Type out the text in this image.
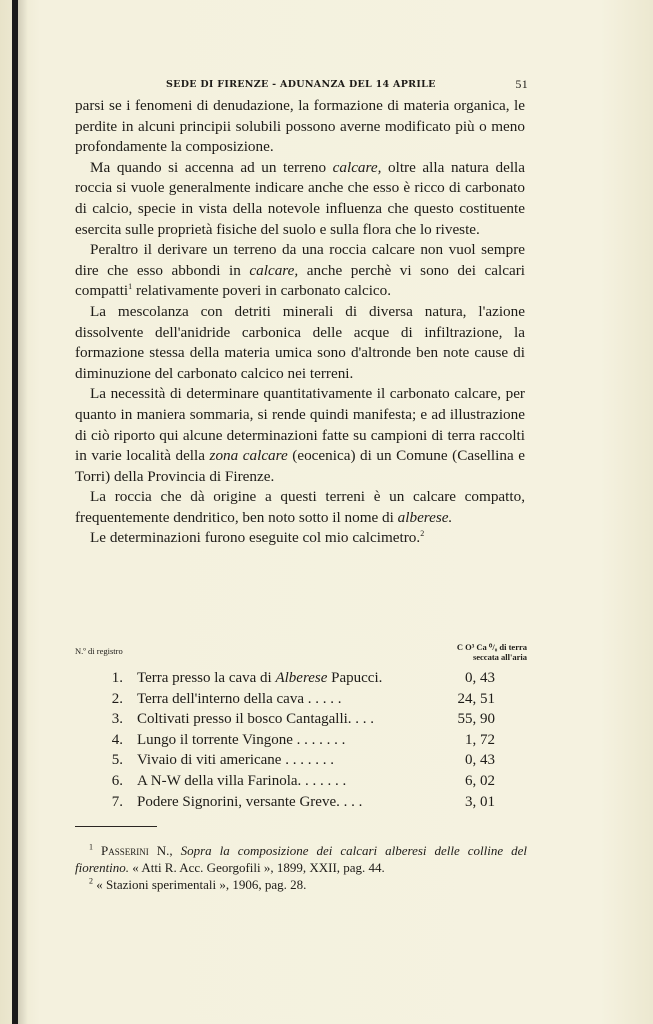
SEDE DI FIRENZE - ADUNANZA DEL 14 APRILE	51

parsi se i fenomeni di denudazione, la formazione di materia organica, le perdite in alcuni principii solubili possono averne modificato più o meno profondamente la composizione.

Ma quando si accenna ad un terreno calcare, oltre alla natura della roccia si vuole generalmente indicare anche che esso è ricco di carbonato di calcio, specie in vista della notevole influenza che questo costituente esercita sulle proprietà fisiche del suolo e sulla flora che lo riveste.

Peraltro il derivare un terreno da una roccia calcare non vuol sempre dire che esso abbondi in calcare, anche perchè vi sono dei calcari compatti$^1$ relativamente poveri in carbonato calcico.

La mescolanza con detriti minerali di diversa natura, l'azione dissolvente dell'anidride carbonica delle acque di infiltrazione, la formazione stessa della materia umica sono d'altronde ben note cause di diminuzione del carbonato calcico nei terreni.

La necessità di determinare quantitativamente il carbonato calcare, per quanto in maniera sommaria, si rende quindi manifesta; e ad illustrazione di ciò riporto qui alcune determinazioni fatte su campioni di terra raccolti in varie località della zona calcare (eocenica) di un Comune (Casellina e Torri) della Provincia di Firenze.

La roccia che dà origine a questi terreni è un calcare compatto, frequentemente dendritico, ben noto sotto il nome di alberese.

Le determinazioni furono eseguite col mio calcimetro.$^2$

N.º di registro	C O³ Ca ⁰/₀ di terra
seccata all'aria
1. Terra presso la cava di Alberese Papucci.	0, 43
2. Terra dell'interno della cava . . . . .	24, 51
3. Coltivati presso il bosco Cantagalli. . . .	55, 90
4. Lungo il torrente Vingone . . . . . . .	1, 72
5. Vivaio di viti americane . . . . . . .	0, 43
6. A N-W della villa Farinola. . . . . . .	6, 02
7. Podere Signorini, versante Greve. . . .	3, 01

$^1$ Passerini N., Sopra la composizione dei calcari alberesi delle colline del fiorentino. « Atti R. Acc. Georgofili », 1899, XXII, pag. 44.

$^2$ « Stazioni sperimentali », 1906, pag. 28.
